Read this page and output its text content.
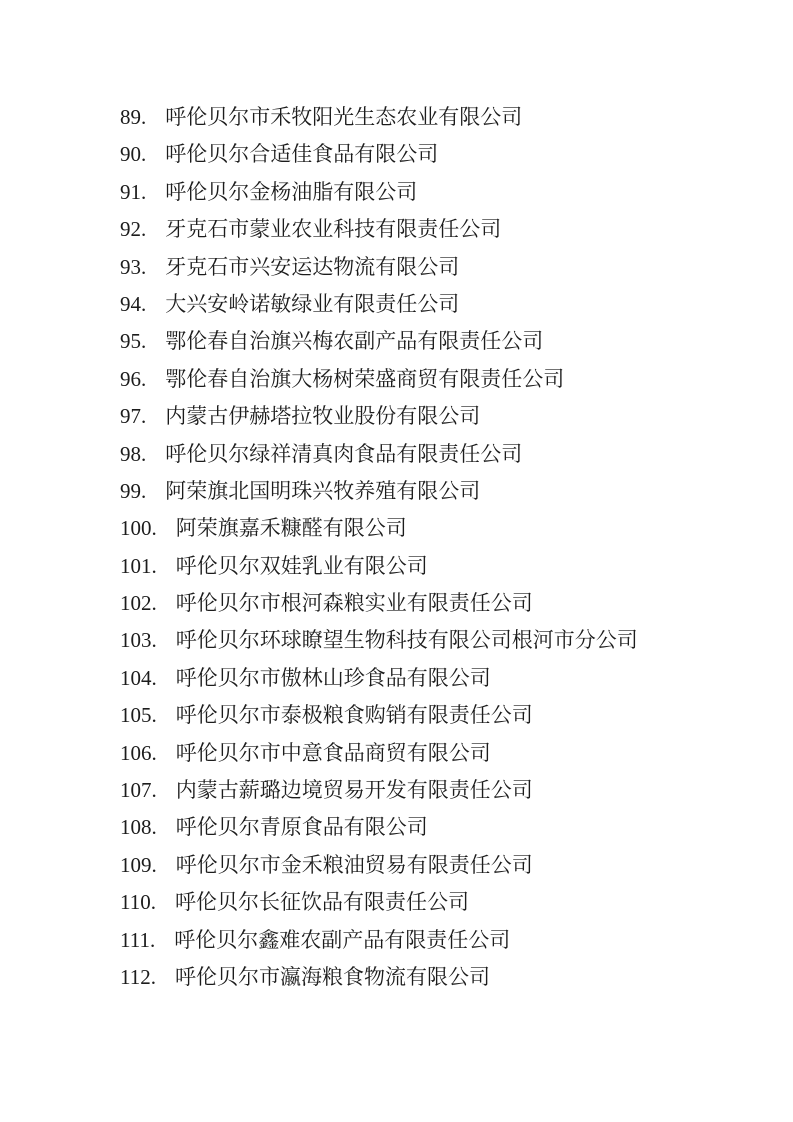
89. 呼伦贝尔市禾牧阳光生态农业有限公司
90. 呼伦贝尔合适佳食品有限公司
91. 呼伦贝尔金杨油脂有限公司
92. 牙克石市蒙业农业科技有限责任公司
93. 牙克石市兴安运达物流有限公司
94. 大兴安岭诺敏绿业有限责任公司
95. 鄂伦春自治旗兴梅农副产品有限责任公司
96. 鄂伦春自治旗大杨树荣盛商贸有限责任公司
97. 内蒙古伊赫塔拉牧业股份有限公司
98. 呼伦贝尔绿祥清真肉食品有限责任公司
99. 阿荣旗北国明珠兴牧养殖有限公司
100. 阿荣旗嘉禾糠醛有限公司
101. 呼伦贝尔双娃乳业有限公司
102. 呼伦贝尔市根河森粮实业有限责任公司
103. 呼伦贝尔环球瞭望生物科技有限公司根河市分公司
104. 呼伦贝尔市傲林山珍食品有限公司
105. 呼伦贝尔市泰极粮食购销有限责任公司
106. 呼伦贝尔市中意食品商贸有限公司
107. 内蒙古薪璐边境贸易开发有限责任公司
108. 呼伦贝尔青原食品有限公司
109. 呼伦贝尔市金禾粮油贸易有限责任公司
110. 呼伦贝尔长征饮品有限责任公司
111. 呼伦贝尔鑫难农副产品有限责任公司
112. 呼伦贝尔市瀛海粮食物流有限公司
